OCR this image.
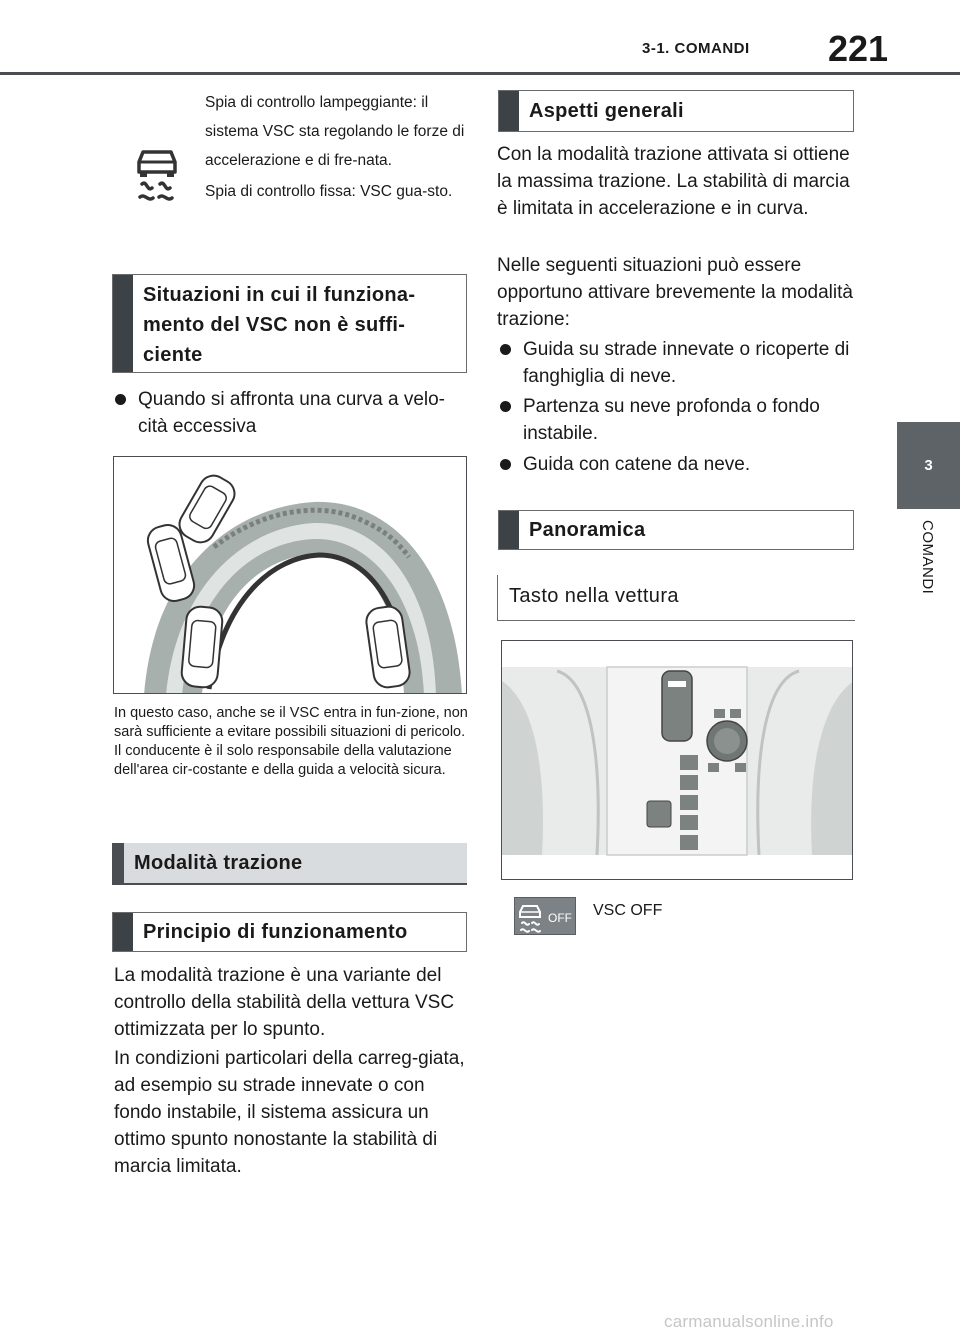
3-1. COMANDI 221
3
COMANDI

Spia di controllo lampeggiante: il sistema VSC sta regolando le forze di accelerazione e di fre-nata.

Spia di controllo fissa: VSC gua-sto.

Situazioni in cui il funziona-mento del VSC non è suffi-ciente
Quando si affronta una curva a velo-cità eccessiva
In questo caso, anche se il VSC entra in fun-zione, non sarà sufficiente a evitare possibili situazioni di pericolo. Il conducente è il solo responsabile della valutazione dell'area cir-costante e della guida a velocità sicura.
Modalità trazione
Principio di funzionamento
La modalità trazione è una variante del controllo della stabilità della vettura VSC ottimizzata per lo spunto.
In condizioni particolari della carreg-giata, ad esempio su strade innevate o con fondo instabile, il sistema assicura un ottimo spunto nonostante la stabilità di marcia limitata.
Aspetti generali
Con la modalità trazione attivata si ottiene la massima trazione. La stabilità di marcia è limitata in accelerazione e in curva.
Nelle seguenti situazioni può essere opportuno attivare brevemente la modalità trazione:
Guida su strade innevate o ricoperte di fanghiglia di neve.
Partenza su neve profonda o fondo instabile.
Guida con catene da neve.
Panoramica
Tasto nella vettura
OFF VSC OFF
carmanualsonline.info
